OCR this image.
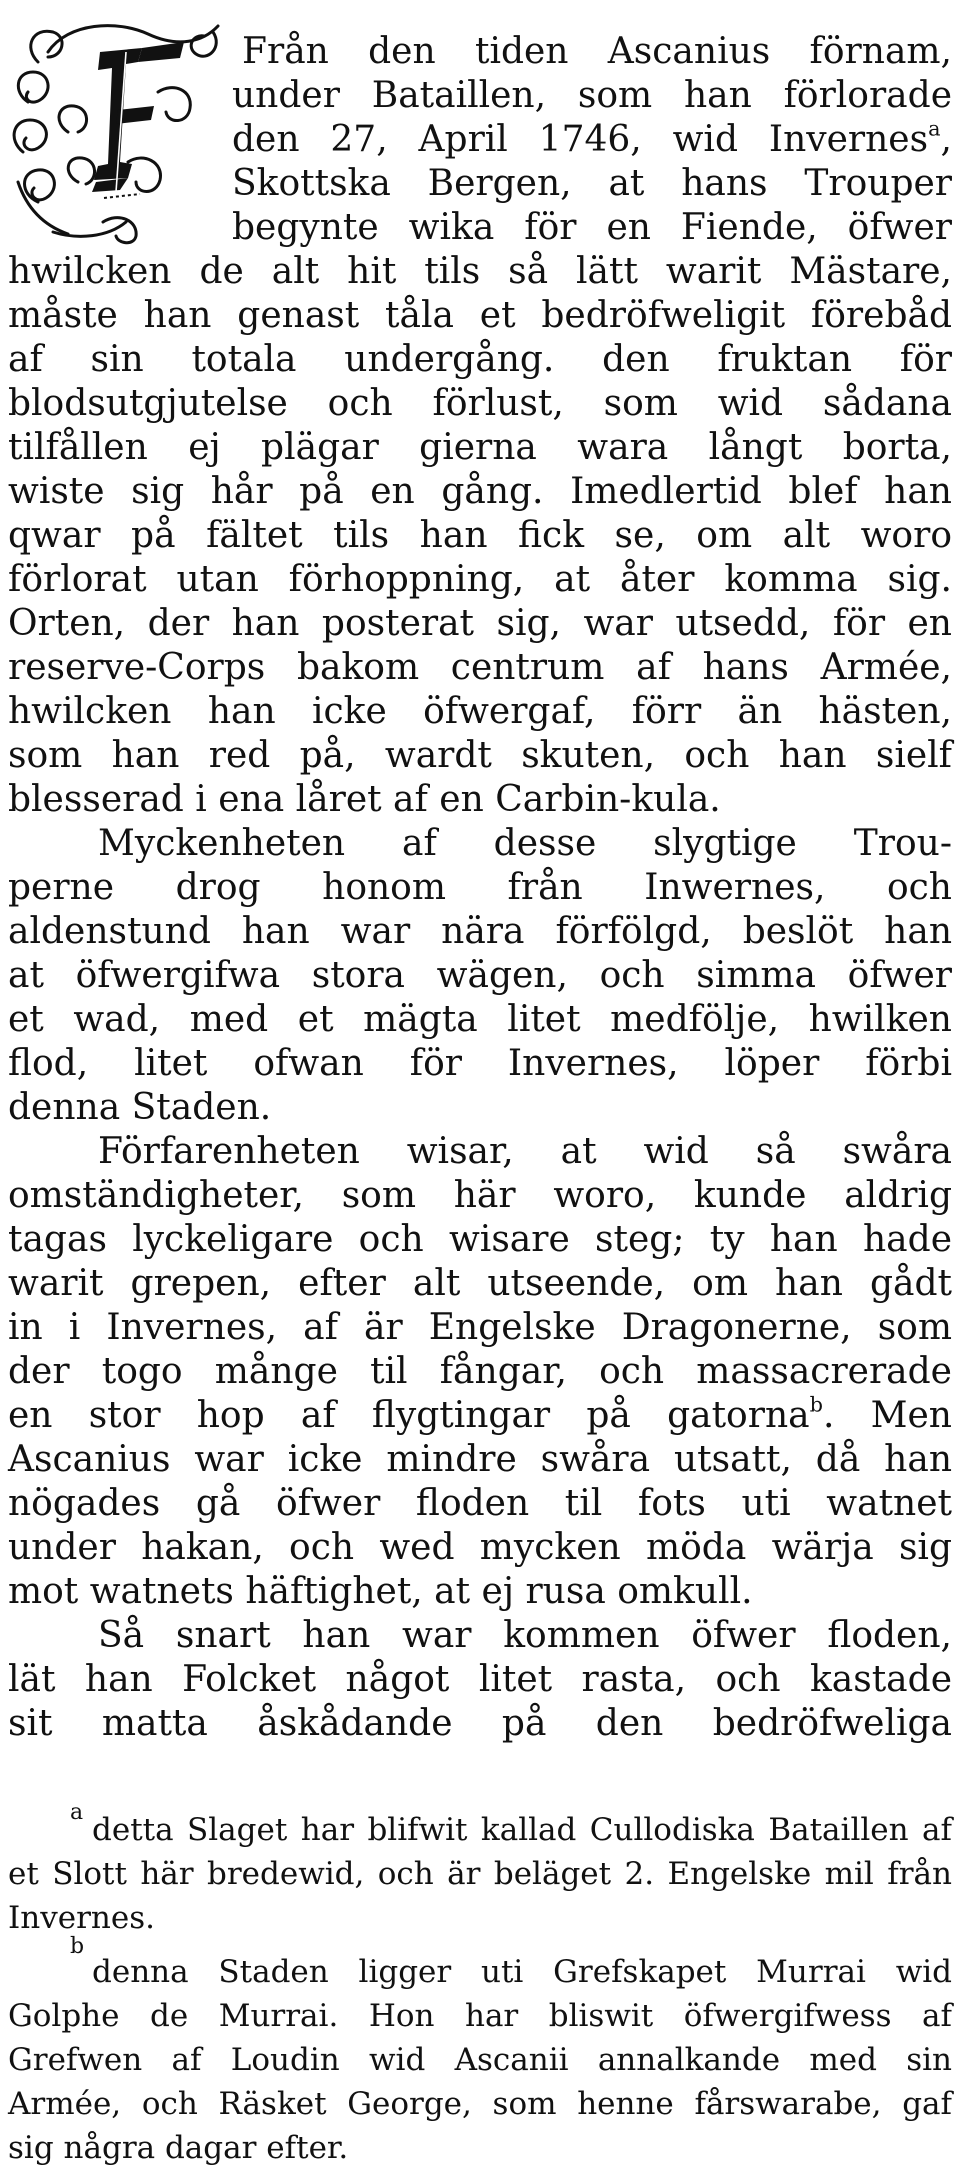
Från den tiden Ascanius förnam,
under Bataillen, som han förlorade
den 27, April 1746, wid Invernes$^a$,
Skottska Bergen, at hans Trouper
begynte wika för en Fiende, öfwer
hwilcken de alt hit tils så lätt warit Mästare,
måste han genast tåla et bedröfweligit förebåd
af sin totala undergång. den fruktan för
blodsutgjutelse och förlust, som wid sådana
tilfållen ej plägar gierna wara långt borta,
wiste sig hår på en gång. Imedlertid blef han
qwar på fältet tils han fick se, om alt woro
förlorat utan förhoppning, at åter komma sig.
Orten, der han posterat sig, war utsedd, för en
reserve-Corps bakom centrum af hans Armée,
hwilcken han icke öfwergaf, förr än hästen,
som han red på, wardt skuten, och han sielf
blesserad i ena låret af en Carbin-kula.
Myckenheten af desse slygtige Trou-
perne drog honom från Inwernes, och
aldenstund han war nära förfölgd, beslöt han
at öfwergifwa stora wägen, och simma öfwer
et wad, med et mägta litet medfölje, hwilken
flod, litet ofwan för Invernes, löper förbi
denna Staden.
Förfarenheten wisar, at wid så swåra
omständigheter, som här woro, kunde aldrig
tagas lyckeligare och wisare steg; ty han hade
warit grepen, efter alt utseende, om han gådt
in i Invernes, af är Engelske Dragonerne, som
der togo månge til fångar, och massacrerade
en stor hop af flygtingar på gatorna$^b$. Men
Ascanius war icke mindre swåra utsatt, då han
nögades gå öfwer floden til fots uti watnet
under hakan, och wed mycken möda wärja sig
mot watnets häftighet, at ej rusa omkull.
Så snart han war kommen öfwer floden,
lät han Folcket något litet rasta, och kastade
sit matta åskådande på den bedröfweliga
a detta Slaget har blifwit kallad Cullodiska Bataillen af
et Slott här bredewid, och är beläget 2. Engelske mil från
Invernes.
b
denna Staden ligger uti Grefskapet Murrai wid
Golphe de Murrai. Hon har bliswit öfwergifwess af
Grefwen af Loudin wid Ascanii annalkande med sin
Armée, och Räsket George, som henne fårswarabe, gaf
sig några dagar efter.
